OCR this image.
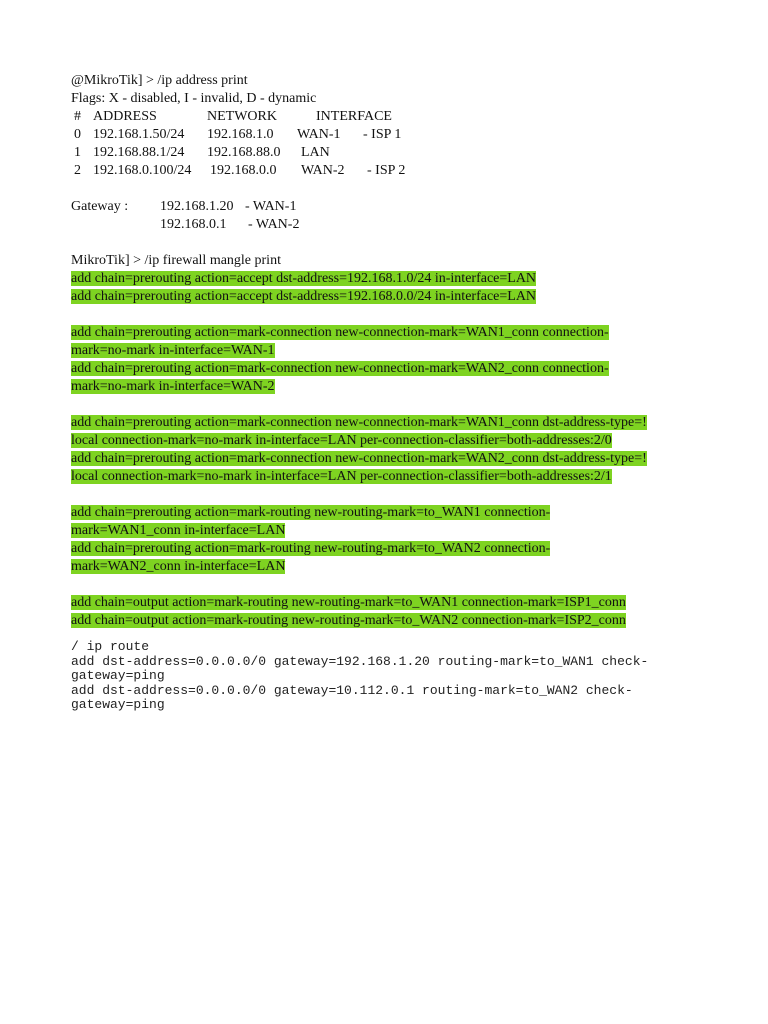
@MikroTik] > /ip address print
Flags: X - disabled, I - invalid, D - dynamic
# ADDRESS	NETWORK	INTERFACE
0 192.168.1.50/24 192.168.1.0 WAN-1 - ISP 1
1 192.168.88.1/24 192.168.88.0 LAN
2 192.168.0.100/24 192.168.0.0 WAN-2 - ISP 2
Gateway : 192.168.1.20 - WAN-1
192.168.0.1 - WAN-2
MikroTik] > /ip firewall mangle print
add chain=prerouting action=accept dst-address=192.168.1.0/24 in-interface=LAN
add chain=prerouting action=accept dst-address=192.168.0.0/24 in-interface=LAN
add chain=prerouting action=mark-connection new-connection-mark=WAN1_conn connection-
mark=no-mark in-interface=WAN-1
add chain=prerouting action=mark-connection new-connection-mark=WAN2_conn connection-
mark=no-mark in-interface=WAN-2
add chain=prerouting action=mark-connection new-connection-mark=WAN1_conn dst-address-type=!
local connection-mark=no-mark in-interface=LAN per-connection-classifier=both-addresses:2/0
add chain=prerouting action=mark-connection new-connection-mark=WAN2_conn dst-address-type=!
local connection-mark=no-mark in-interface=LAN per-connection-classifier=both-addresses:2/1
add chain=prerouting action=mark-routing new-routing-mark=to_WAN1 connection-
mark=WAN1_conn in-interface=LAN
add chain=prerouting action=mark-routing new-routing-mark=to_WAN2 connection-
mark=WAN2_conn in-interface=LAN
add chain=output action=mark-routing new-routing-mark=to_WAN1 connection-mark=ISP1_conn
add chain=output action=mark-routing new-routing-mark=to_WAN2 connection-mark=ISP2_conn
/ ip route
add dst-address=0.0.0.0/0 gateway=192.168.1.20 routing-mark=to_WAN1 check-
gateway=ping
add dst-address=0.0.0.0/0 gateway=10.112.0.1 routing-mark=to_WAN2 check-
gateway=ping
